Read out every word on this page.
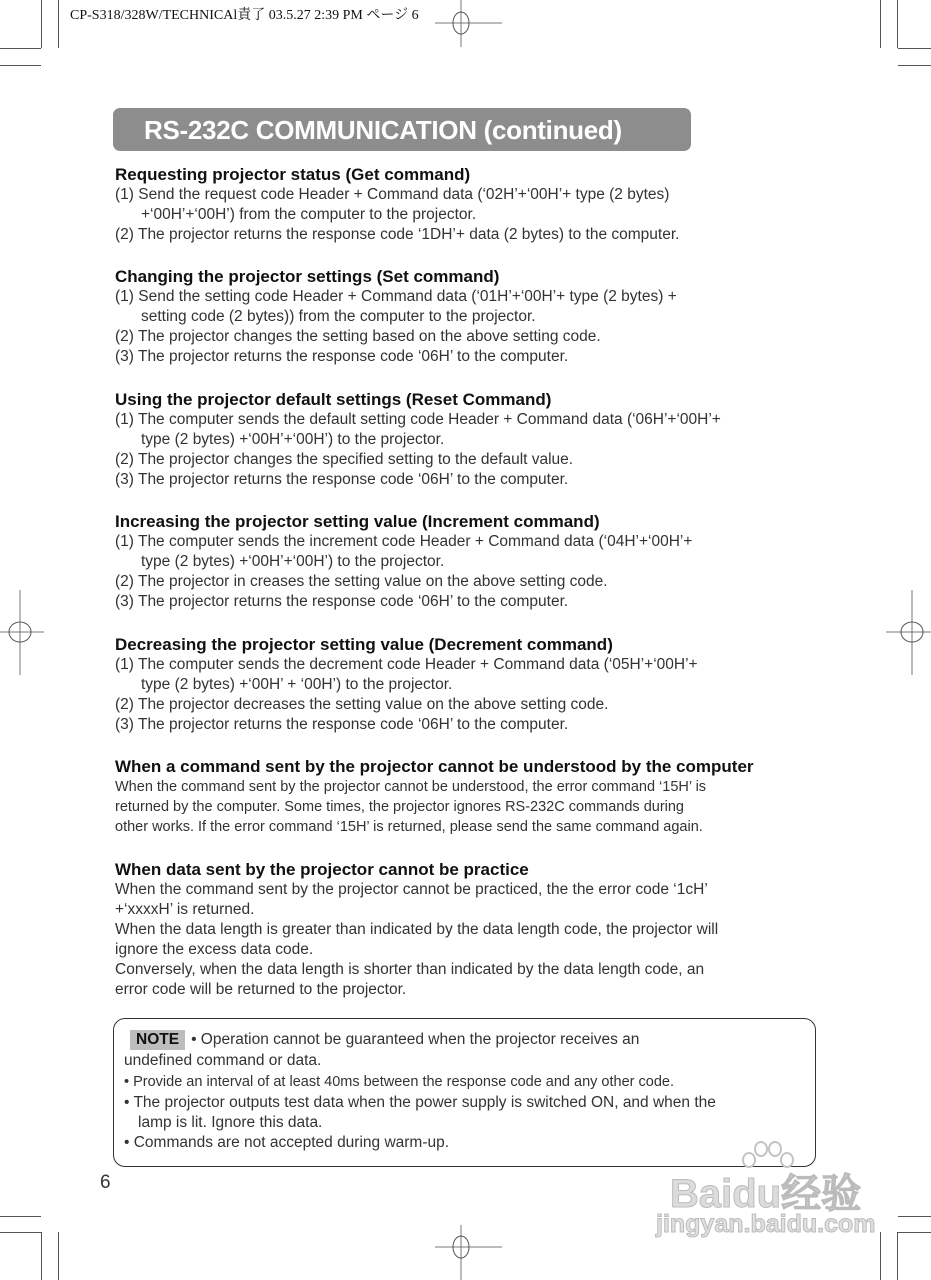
CP-S318/328W/TECHNICAl責了 03.5.27 2:39 PM ページ 6
RS-232C COMMUNICATION (continued)
Requesting projector status (Get command)
(1) Send the request code Header + Command data (‘02H’+‘00H’+ type (2 bytes)
+‘00H’+‘00H’) from the computer to the projector.
(2) The projector returns the response code ‘1DH’+ data (2 bytes) to the computer.
Changing the projector settings (Set command)
(1) Send the setting code Header + Command data (‘01H’+‘00H’+ type (2 bytes) +
setting code (2 bytes)) from the computer to the projector.
(2) The projector changes the setting based on the above setting code.
(3) The projector returns the response code ‘06H’ to the computer.
Using the projector default settings (Reset Command)
(1) The computer sends the default setting code Header + Command data (‘06H’+‘00H’+
type (2 bytes) +‘00H’+‘00H’) to the projector.
(2) The projector changes the specified setting to the default value.
(3) The projector returns the response code ‘06H’ to the computer.
Increasing the projector setting value (Increment command)
(1) The computer sends the increment code Header + Command data (‘04H’+‘00H’+
type (2 bytes) +‘00H’+‘00H’) to the projector.
(2) The projector in creases the setting value on the above setting code.
(3) The projector returns the response code ‘06H’ to the computer.
Decreasing the projector setting value (Decrement command)
(1) The computer sends the decrement code Header + Command data (‘05H’+‘00H’+
type (2 bytes) +‘00H’ + ‘00H’) to the projector.
(2) The projector decreases the setting value on the above setting code.
(3) The projector returns the response code ‘06H’ to the computer.
When a command sent by the projector cannot be understood by the computer
When the command sent by the projector cannot be understood, the error command ‘15H’ is
returned by the computer. Some times, the projector ignores RS-232C commands during
other works. If the error command ‘15H’ is returned, please send the same command again.
When data sent by the projector cannot be practice
When the command sent by the projector cannot be practiced, the the error code ‘1cH’
+‘xxxxH’ is returned.
When the data length is greater than indicated by the data length code, the projector will
ignore the excess data code.
Conversely, when the data length is shorter than indicated by the data length code, an
error code will be returned to the projector.
NOTE • Operation cannot be guaranteed when the projector receives an
undefined command or data.
• Provide an interval of at least 40ms between the response code and any other code.
• The projector outputs test data when the power supply is switched ON, and when the
lamp is lit. Ignore this data.
• Commands are not accepted during warm-up.
6	Baidu经验
jingyan.baidu.com
